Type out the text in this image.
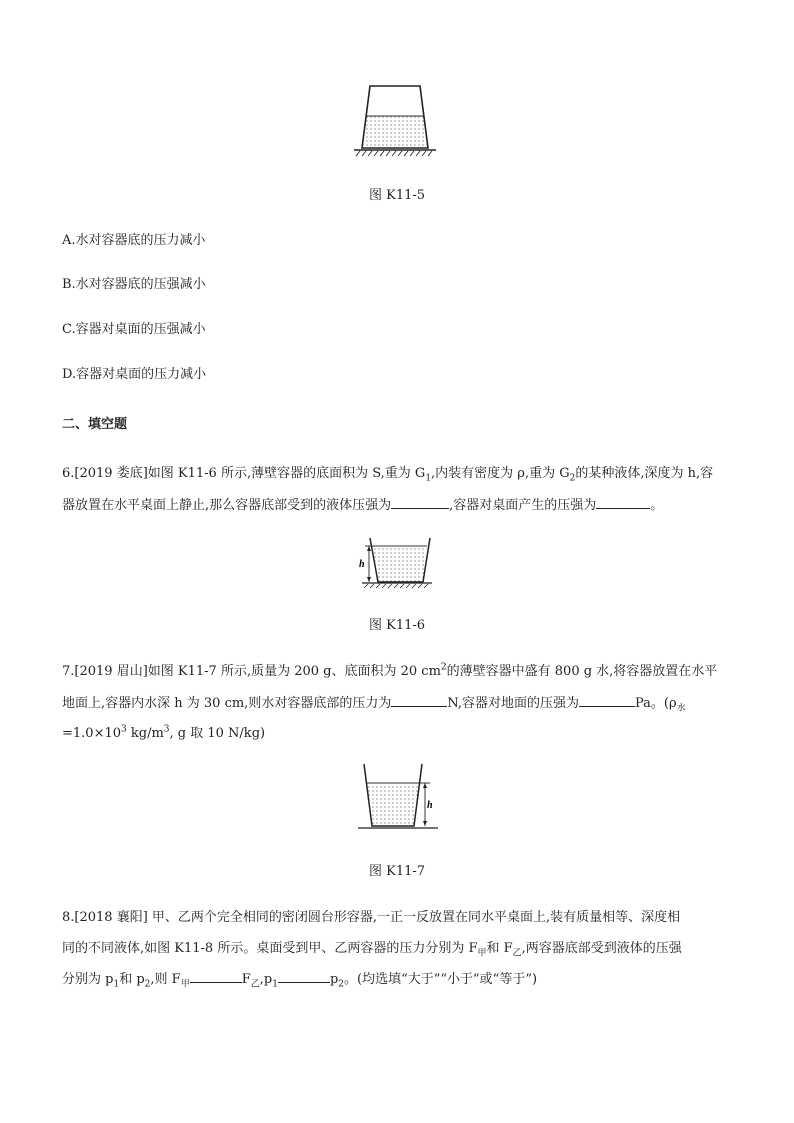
图 K11-5
A.水对容器底的压力减小
B.水对容器底的压强减小
C.容器对桌面的压强减小
D.容器对桌面的压力减小
二、填空题
6.[2019 娄底]如图 K11-6 所示,薄壁容器的底面积为 S,重为 $G_1$,内装有密度为 ρ,重为 $G_2$的某种液体,深度为 h,容
器放置在水平桌面上静止,那么容器底部受到的液体压强为	,容器对桌面产生的压强为	。
h
图 K11-6
7.[2019 眉山]如图 K11-7 所示,质量为 200 g、底面积为 20 $cm^2$的薄壁容器中盛有 800 g 水,将容器放置在水平
地面上,容器内水深 h 为 30 cm,则水对容器底部的压力为	N,容器对地面的压强为	Pa。($\rho_水$
$=1.0\times 10^3$ $kg/m^3$, g 取 10 N/kg)
h
图 K11-7
8.[2018 襄阳] 甲、乙两个完全相同的密闭圆台形容器,一正一反放置在同水平桌面上,装有质量相等、深度相
同的不同液体,如图 K11-8 所示。桌面受到甲、乙两容器的压力分别为 $F_甲$和 $F_乙$,两容器底部受到液体的压强
分别为 $p_1$和 $p_2$,则 $F_甲$	$F_乙,p_1$	$p_2$。(均选填“大于”“小于”或“等于”)
